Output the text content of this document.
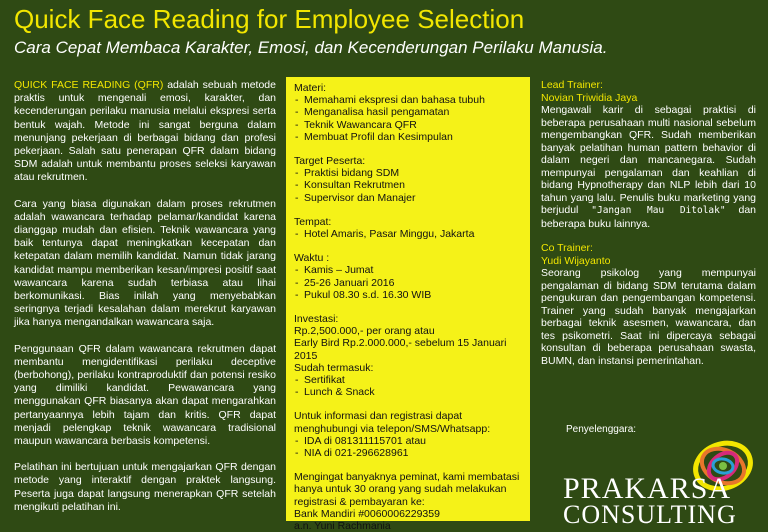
Quick Face Reading for Employee Selection
Cara Cepat Membaca Karakter, Emosi, dan Kecenderungan Perilaku Manusia.

QUICK FACE READING (QFR) adalah sebuah metode praktis untuk mengenali emosi, karakter, dan kecenderungan perilaku manusia melalui ekspresi serta bentuk wajah. Metode ini sangat berguna dalam menunjang pekerjaan di berbagai bidang dan profesi pekerjaan. Salah satu penerapan QFR dalam bidang SDM adalah untuk membantu proses seleksi karyawan atau rekrutmen.

Cara yang biasa digunakan dalam proses rekrutmen adalah wawancara terhadap pelamar/kandidat karena dianggap mudah dan efisien. Teknik wawancara yang baik tentunya dapat meningkatkan kecepatan dan ketepatan dalam memilih kandidat. Namun tidak jarang kandidat mampu memberikan kesan/impresi positif saat wawancara karena sudah terbiasa atau lihai berkomunikasi. Bias inilah yang menyebabkan seringnya terjadi kesalahan dalam merekrut karyawan jika hanya mengandalkan wawancara saja.

Penggunaan QFR dalam wawancara rekrutmen dapat membantu mengidentifikasi perilaku deceptive (berbohong), perilaku kontraproduktif dan potensi resiko yang dimiliki kandidat. Pewawancara yang menggunakan QFR biasanya akan dapat mengarahkan pertanyaannya lebih tajam dan kritis. QFR dapat menjadi pelengkap teknik wawancara tradisional maupun wawancara berbasis kompetensi.

Pelatihan ini bertujuan untuk mengajarkan QFR dengan metode yang interaktif dengan praktek langsung. Peserta juga dapat langsung menerapkan QFR setelah mengikuti pelatihan ini.

Materi:
- Memahami ekspresi dan bahasa tubuh
- Menganalisa hasil pengamatan
- Teknik Wawancara QFR
- Membuat Profil dan Kesimpulan
Target Peserta:
- Praktisi bidang SDM
- Konsultan Rekrutmen
- Supervisor dan Manajer
Tempat:
- Hotel Amaris, Pasar Minggu, Jakarta
Waktu :
- Kamis – Jumat
- 25-26 Januari 2016
- Pukul 08.30 s.d. 16.30 WIB
Investasi:
Rp.2,500.000,- per orang atau
Early Bird Rp.2.000.000,- sebelum 15 Januari 2015
Sudah termasuk:
- Sertifikat
- Lunch & Snack
Untuk informasi dan registrasi dapat menghubungi via telepon/SMS/Whatsapp:
- IDA di 081311115701 atau
- NIA di 021-296628961
Mengingat banyaknya peminat, kami membatasi hanya untuk 30 orang yang sudah melakukan registrasi & pembayaran ke:
Bank Mandiri #0060006229359
a.n. Yuni Rachmania
Lead Trainer:
Novian Triwidia Jaya

Mengawali karir di sebagai praktisi di beberapa perusahaan multi nasional sebelum mengembangkan QFR. Sudah memberikan banyak pelatihan human pattern behavior di dalam negeri dan mancanegara. Sudah mempunyai pengalaman dan keahlian di bidang Hypnotherapy dan NLP lebih dari 10 tahun yang lalu. Penulis buku marketing yang berjudul "Jangan Mau Ditolak" dan beberapa buku lainnya.

Co Trainer:
Yudi Wijayanto

Seorang psikolog yang mempunyai pengalaman di bidang SDM terutama dalam pengukuran dan pengembangan kompetensi. Trainer yang sudah banyak mengajarkan berbagai teknik asesmen, wawancara, dan tes psikometri. Saat ini dipercaya sebagai konsultan di beberapa perusahaan swasta, BUMN, dan instansi pemerintahan.

Penyelenggara:
PRAKARSA
CONSULTING
